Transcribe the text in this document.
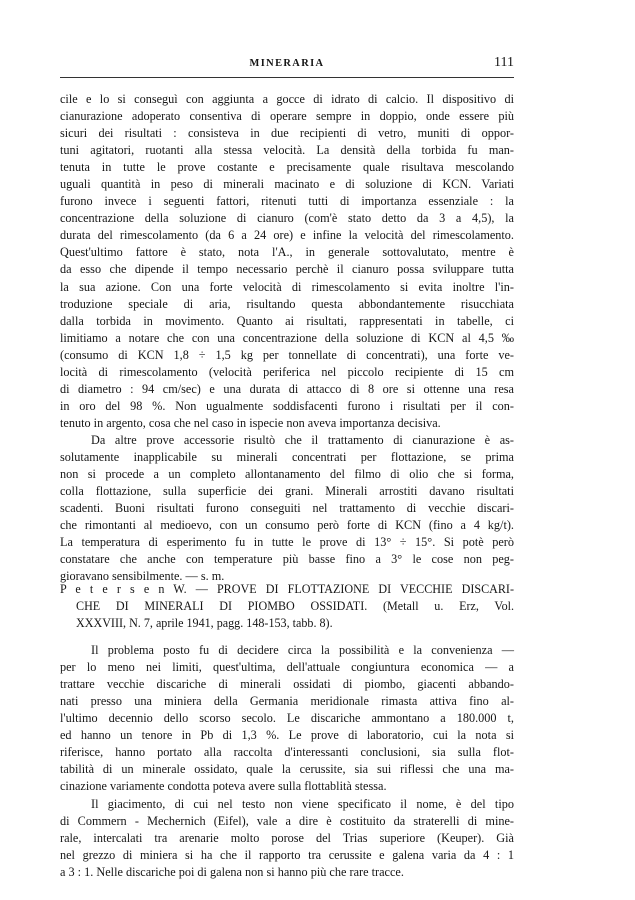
MINERARIA	111
cile e lo si conseguì con aggiunta a gocce di idrato di calcio. Il dispositivo di
cianurazione adoperato consentiva di operare sempre in doppio, onde essere più
sicuri dei risultati : consisteva in due recipienti di vetro, muniti di oppor-
tuni agitatori, ruotanti alla stessa velocità. La densità della torbida fu man-
tenuta in tutte le prove costante e precisamente quale risultava mescolando
uguali quantità in peso di minerali macinato e di soluzione di KCN. Variati
furono invece i seguenti fattori, ritenuti tutti di importanza essenziale : la
concentrazione della soluzione di cianuro (com'è stato detto da 3 a 4,5), la
durata del rimescolamento (da 6 a 24 ore) e infine la velocità del rimescolamento.
Quest'ultimo fattore è stato, nota l'A., in generale sottovalutato, mentre è
da esso che dipende il tempo necessario perchè il cianuro possa sviluppare tutta
la sua azione. Con una forte velocità di rimescolamento si evita inoltre l'in-
troduzione speciale di aria, risultando questa abbondantemente risucchiata
dalla torbida in movimento. Quanto ai risultati, rappresentati in tabelle, ci
limitiamo a notare che con una concentrazione della soluzione di KCN al 4,5 ‰
(consumo di KCN 1,8 ÷ 1,5 kg per tonnellate di concentrati), una forte ve-
locità di rimescolamento (velocità periferica nel piccolo recipiente di 15 cm
di diametro : 94 cm/sec) e una durata di attacco di 8 ore si ottenne una resa
in oro del 98 %. Non ugualmente soddisfacenti furono i risultati per il con-
tenuto in argento, cosa che nel caso in ispecie non aveva importanza decisiva.
Da altre prove accessorie risultò che il trattamento di cianurazione è as-
solutamente inapplicabile su minerali concentrati per flottazione, se prima
non si procede a un completo allontanamento del filmo di olio che si forma,
colla flottazione, sulla superficie dei grani. Minerali arrostiti davano risultati
scadenti. Buoni risultati furono conseguiti nel trattamento di vecchie discari-
che rimontanti al medioevo, con un consumo però forte di KCN (fino a 4 kg/t).
La temperatura di esperimento fu in tutte le prove di 13° ÷ 15°. Si potè però
constatare che anche con temperature più basse fino a 3° le cose non peg-
gioravano sensibilmente. — s. m.
P e t e r s e n W. — PROVE DI FLOTTAZIONE DI VECCHIE DISCARI-
CHE DI MINERALI DI PIOMBO OSSIDATI. (Metall u. Erz, Vol.
XXXVIII, N. 7, aprile 1941, pagg. 148-153, tabb. 8).
Il problema posto fu di decidere circa la possibilità e la convenienza —
per lo meno nei limiti, quest'ultima, dell'attuale congiuntura economica — a
trattare vecchie discariche di minerali ossidati di piombo, giacenti abbando-
nati presso una miniera della Germania meridionale rimasta attiva fino al-
l'ultimo decennio dello scorso secolo. Le discariche ammontano a 180.000 t,
ed hanno un tenore in Pb di 1,3 %. Le prove di laboratorio, cui la nota si
riferisce, hanno portato alla raccolta d'interessanti conclusioni, sia sulla flot-
tabilità di un minerale ossidato, quale la cerussite, sia sui riflessi che una ma-
cinazione variamente condotta poteva avere sulla flottablità stessa.
Il giacimento, di cui nel testo non viene specificato il nome, è del tipo
di Commern - Mechernich (Eifel), vale a dire è costituito da straterelli di mine-
rale, intercalati tra arenarie molto porose del Trias superiore (Keuper). Già
nel grezzo di miniera si ha che il rapporto tra cerussite e galena varia da 4 : 1
a 3 : 1. Nelle discariche poi di galena non si hanno più che rare tracce.
